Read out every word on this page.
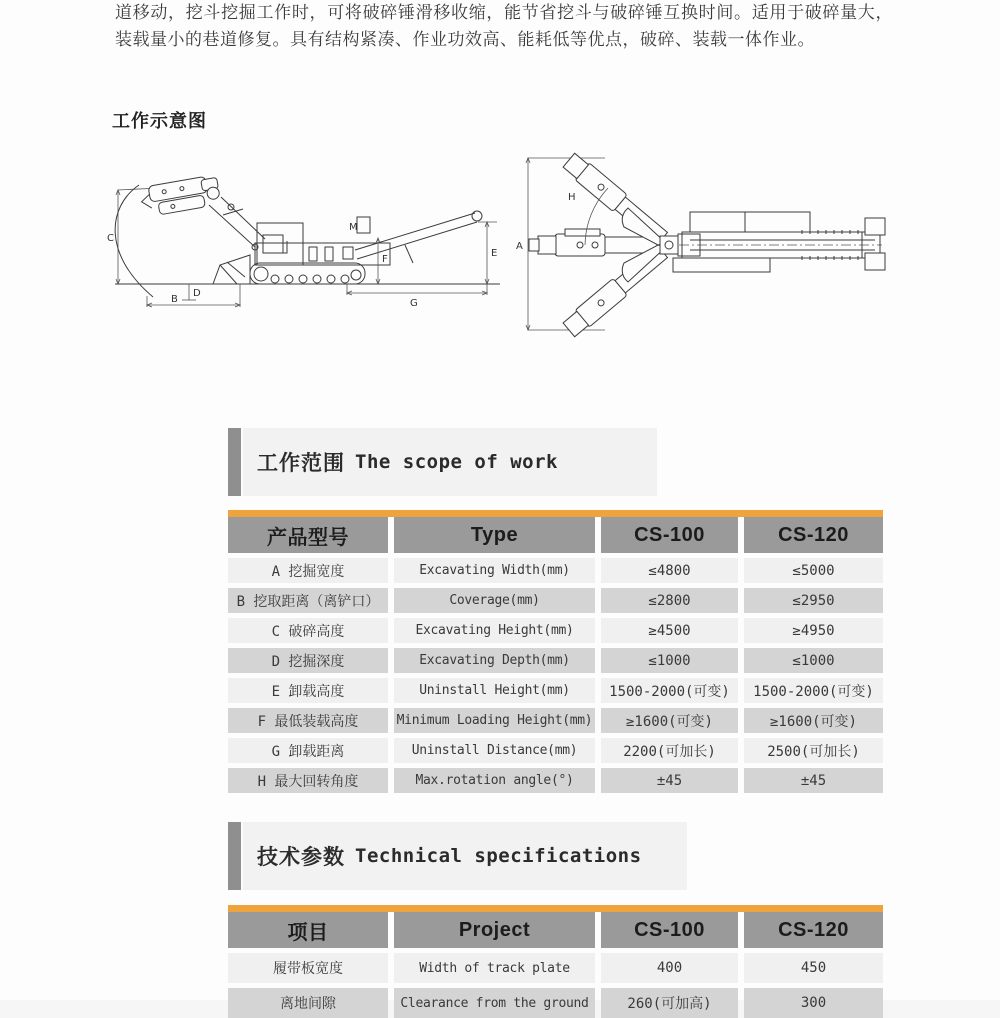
道移动，挖斗挖掘工作时，可将破碎锤滑移收缩，能节省挖斗与破碎锤互换时间。适用于破碎量大，装载量小的巷道修复。具有结构紧凑、作业功效高、能耗低等优点，破碎、装载一体作业。
工作示意图
C
M
F
E
G
B
D
A
H
工作范围 The scope of work
产品型号	Type	CS-100	CS-120
A 挖掘宽度	Excavating Width(mm)	≤4800	≤5000
B 挖取距离（离铲口）	Coverage(mm)	≤2800	≤2950
C 破碎高度	Excavating Height(mm)	≥4500	≥4950
D 挖掘深度	Excavating Depth(mm)	≤1000	≤1000
E 卸载高度	Uninstall Height(mm)	1500-2000(可变)	1500-2000(可变)
F 最低装载高度	Minimum Loading Height(mm)	≥1600(可变)	≥1600(可变)
G 卸载距离	Uninstall Distance(mm)	2200(可加长)	2500(可加长)
H 最大回转角度	Max.rotation angle(°)	±45	±45
技术参数 Technical specifications
项目	Project	CS-100	CS-120
履带板宽度	Width of track plate	400	450
离地间隙	Clearance from the ground	260(可加高)	300
